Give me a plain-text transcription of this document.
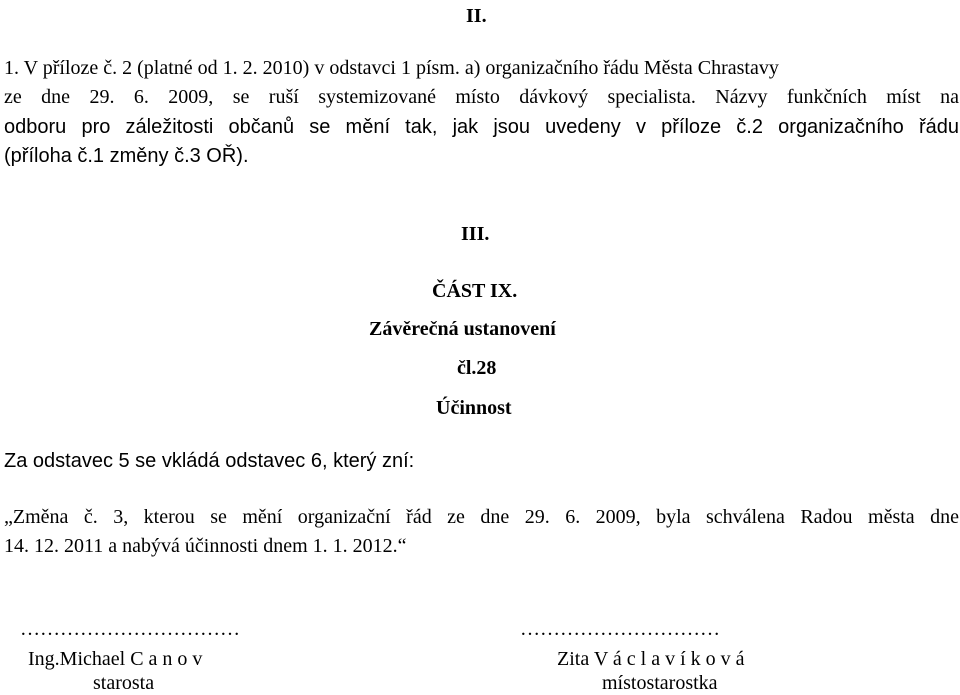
II.
1. V příloze č. 2 (platné od 1. 2. 2010) v odstavci 1 písm. a) organizačního řádu Města Chrastavy
ze dne 29. 6. 2009, se ruší systemizované místo dávkový specialista. Názvy funkčních míst na
odboru pro záležitosti občanů se mění tak, jak jsou uvedeny v příloze č.2 organizačního řádu
(příloha č.1 změny č.3 OŘ).
III.
ČÁST IX.
Závěrečná ustanovení
čl.28
Účinnost
Za odstavec 5 se vkládá odstavec 6, který zní:
„Změna č. 3, kterou se mění organizační řád ze dne 29. 6. 2009, byla schválena Radou města dne
14. 12. 2011 a nabývá účinnosti dnem 1. 1. 2012.“
……………………………
Ing.Michael C a n o v
starosta
…………………………
Zita V á c l a v í k o v á
místostarostka
